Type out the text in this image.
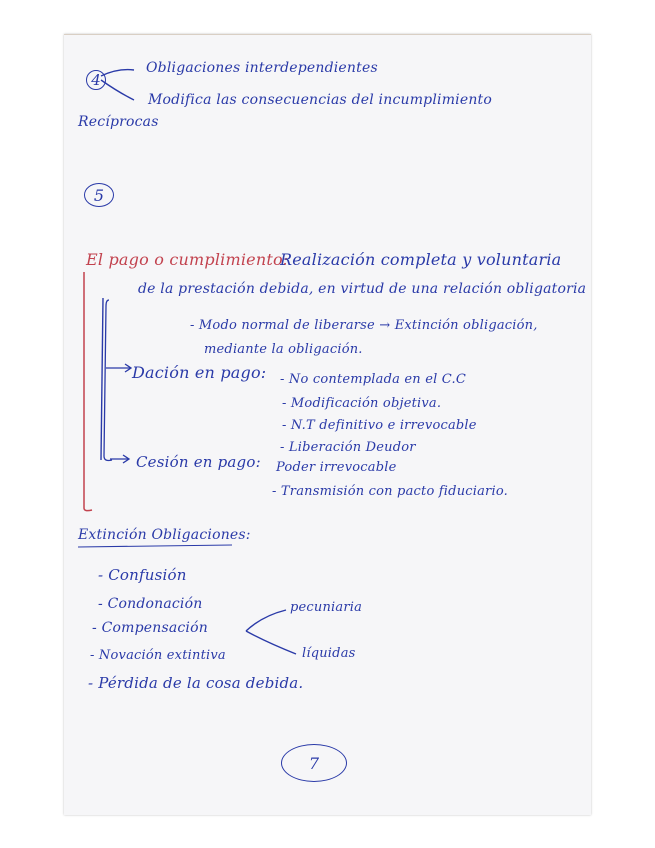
4
Obligaciones interdependientes
Modifica las consecuencias del incumplimiento
Recíprocas
5
El pago o cumplimiento:
Realización completa y voluntaria
de la prestación debida, en virtud de una relación obligatoria
- Modo normal de liberarse → Extinción obligación,
mediante la obligación.
Dación en pago: - No contemplada en el C.C
- Modificación objetiva.
- N.T definitivo e irrevocable
- Liberación Deudor
Cesión en pago: Poder irrevocable
- Transmisión con pacto fiduciario.
Extinción Obligaciones:
- Confusión
- Condonación
- Compensación
- Novación extintiva
- Pérdida de la cosa debida.
pecuniaria
líquidas
7
